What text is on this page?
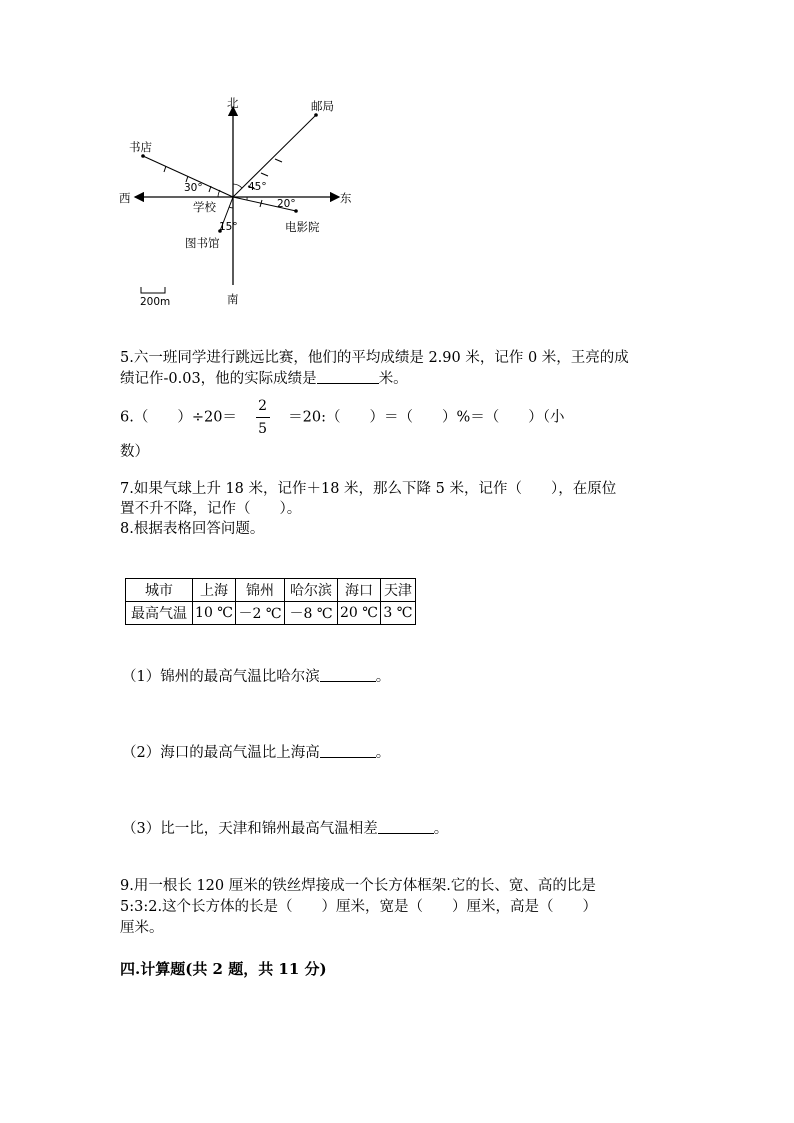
北	邮局
书店
西	东
30°	45°
学校	20°
15°	电影院
图书馆
南
200m
5.六一班同学进行跳远比赛，他们的平均成绩是 2.90 米，记作 0 米，王亮的成
绩记作-0.03，他的实际成绩是	米。
6.（　　）$\div 20= \frac{2}{5}$ ＝20:（　　）＝（　　）%＝（　　）（小
数）
7.如果气球上升 18 米，记作＋18 米，那么下降 5 米，记作（　　），在原位
置不升不降，记作（　　）。
8.根据表格回答问题。
城市	上海	锦州	哈尔滨	海口	天津
最高气温	10 ℃	－2 ℃	－8 ℃	20 ℃	3 ℃
（1）锦州的最高气温比哈尔滨	。
（2）海口的最高气温比上海高	。
（3）比一比，天津和锦州最高气温相差	。
9.用一根长 120 厘米的铁丝焊接成一个长方体框架.它的长、宽、高的比是
5:3:2.这个长方体的长是（　　）厘米，宽是（　　）厘米，高是（　　）
厘米。
四.计算题(共 2 题，共 11 分)
